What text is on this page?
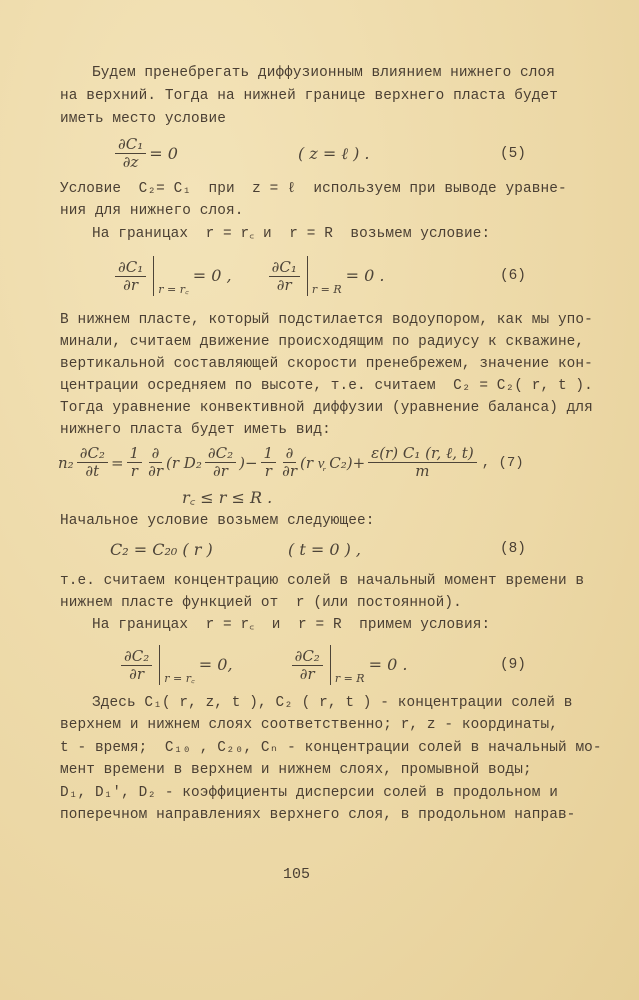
Будем пренебрегать диффузионным влиянием нижнего слоя
на верхний. Тогда на нижней границе верхнего пласта будет
иметь место условие
$\frac{\text{∂C₁}}{\partial z} = 0$	( z = ℓ ) .	(5)
Условие  C₂= C₁  при  z = ℓ  используем при выводе уравне-
ния для нижнего слоя.
На границах  r = r꜀ и  r = R  возьмем условие:
$\frac{\text{∂C₁}}{\partial r}$ r = r꜀
= 0 , $\frac{\text{∂C₁}}{\partial r}$ r = R
= 0 .	(6)
В нижнем пласте, который подстилается водоупором, как мы упо-
минали, считаем движение происходящим по радиусу к скважине,
вертикальной составляющей скорости пренебрежем, значение кон-
центрации осредняем по высоте, т.е. считаем  C₂ = C₂( r, t ).
Тогда уравнение конвективной диффузии (уравнение баланса) для
нижнего пласта будет иметь вид:
$n_2 \frac{\text{∂C₂}}{\partial t} = \frac{1}{r} \frac{\partial}{\partial r} (r$ $D_2 \frac{\text{∂C₂}}{\partial r}$ ) − $\frac{1}{r} \frac{\partial}{\partial r} (r$ v᷊ $C_2) + \frac{\text{ε(r) C₁ (r, ℓ, t)}}{m}$ , (7)
r꜀ ≤ r ≤ R .
Начальное условие возьмем следующее:
C₂ = C₂₀ ( r )	( t = 0 ) ,	(8)
т.е. считаем концентрацию солей в начальный момент времени в
нижнем пласте функцией от  r (или постоянной).
На границах  r = r꜀  и  r = R  примем условия:
$\frac{\text{∂C₂}}{\partial r}$ r = r꜀
= 0,	$\frac{\text{∂C₂}}{\partial r}$ r = R
= 0 .	(9)
Здесь C₁( r, z, t ), C₂ ( r, t ) - концентрации солей в
верхнем и нижнем слоях соответственно; r, z - координаты,
t - время;  C₁₀ , C₂₀, Cₙ - концентрации солей в начальный мо-
мент времени в верхнем и нижнем слоях, промывной воды;
D₁, D₁′, D₂ - коэффициенты дисперсии солей в продольном и
поперечном направлениях верхнего слоя, в продольном направ-
105
